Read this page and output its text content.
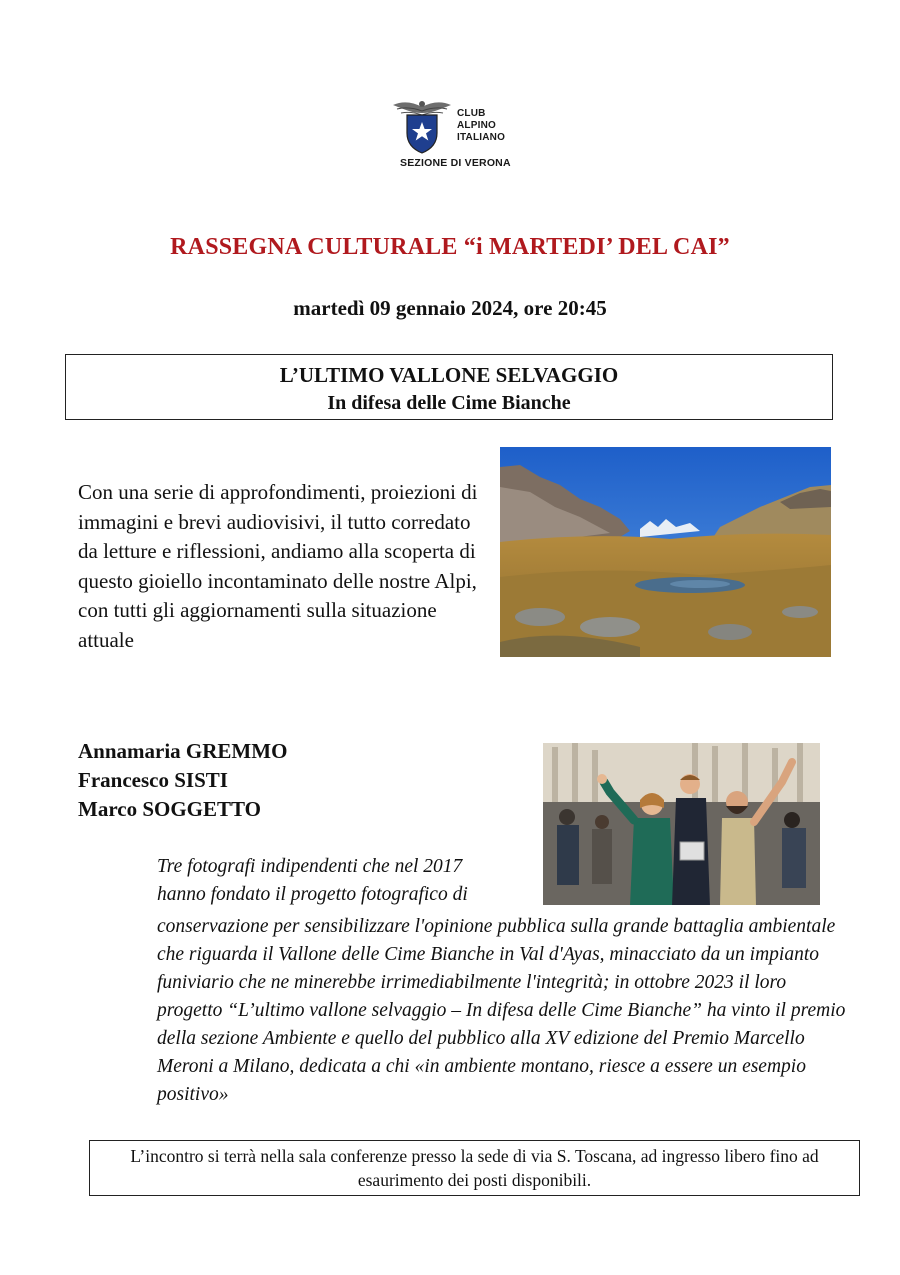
CLUB
ALPINO
ITALIANO
SEZIONE DI VERONA
RASSEGNA CULTURALE “i MARTEDI’ DEL CAI”
martedì 09 gennaio 2024, ore 20:45
L’ULTIMO VALLONE SELVAGGIO
In difesa delle Cime Bianche
Con una serie di approfondimenti, proiezioni di immagini e brevi audiovisivi, il tutto corredato da letture e riflessioni, andiamo alla scoperta di questo gioiello incontaminato delle nostre Alpi, con tutti gli aggiornamenti sulla situazione attuale
Annamaria GREMMO
Francesco SISTI
Marco SOGGETTO
Tre fotografi indipendenti che nel 2017 hanno fondato il progetto fotografico di
conservazione per sensibilizzare l'opinione pubblica sulla grande battaglia ambientale che riguarda il Vallone delle Cime Bianche in Val d'Ayas, minacciato da un impianto funiviario che ne minerebbe irrimediabilmente l'integrità; in ottobre 2023 il loro progetto “L’ultimo vallone selvaggio – In difesa delle Cime Bianche” ha vinto il premio della sezione Ambiente e quello del pubblico alla XV edizione del Premio Marcello Meroni a Milano, dedicata a chi «in ambiente montano, riesce a essere un esempio positivo»
L’incontro si terrà nella sala conferenze presso la sede di via S. Toscana, ad ingresso libero fino ad esaurimento dei posti disponibili.
